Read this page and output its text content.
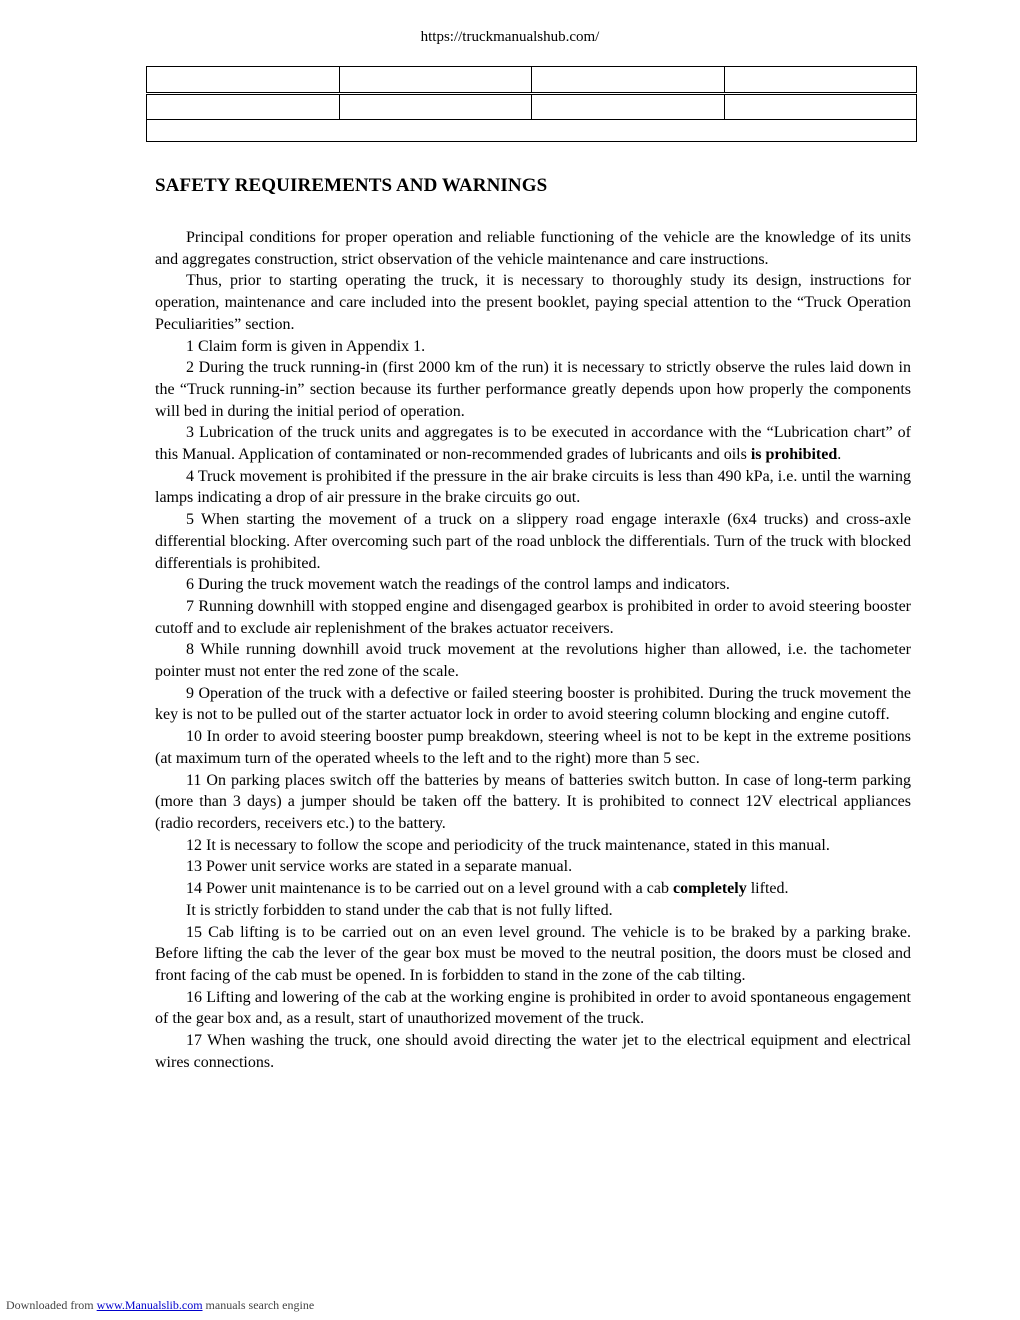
https://truckmanualshub.com/

SAFETY REQUIREMENTS AND WARNINGS

Principal conditions for proper operation and reliable functioning of the vehicle are the knowledge of its units and aggregates construction, strict observation of the vehicle maintenance and care instructions.

Thus, prior to starting operating the truck, it is necessary to thoroughly study its design, instructions for operation, maintenance and care included into the present booklet, paying special attention to the “Truck Operation Peculiarities” section.

1 Claim form is given in Appendix 1.

2 During the truck running-in (first 2000 km of the run) it is necessary to strictly observe the rules laid down in the “Truck running-in” section because its further performance greatly depends upon how properly the components will bed in during the initial period of operation.

3 Lubrication of the truck units and aggregates is to be executed in accordance with the “Lubrication chart” of this Manual. Application of contaminated or non-recommended grades of lubricants and oils is prohibited.

4 Truck movement is prohibited if the pressure in the air brake circuits is less than 490 kPa, i.e. until the warning lamps indicating a drop of air pressure in the brake circuits go out.

5 When starting the movement of a truck on a slippery road engage interaxle (6x4 trucks) and cross-axle differential blocking. After overcoming such part of the road unblock the differentials. Turn of the truck with blocked differentials is prohibited.

6 During the truck movement watch the readings of the control lamps and indicators.

7 Running downhill with stopped engine and disengaged gearbox is prohibited in order to avoid steering booster cutoff and to exclude air replenishment of the brakes actuator receivers.

8 While running downhill avoid truck movement at the revolutions higher than allowed, i.e. the tachometer pointer must not enter the red zone of the scale.

9 Operation of the truck with a defective or failed steering booster is prohibited. During the truck movement the key is not to be pulled out of the starter actuator lock in order to avoid steering column blocking and engine cutoff.

10 In order to avoid steering booster pump breakdown, steering wheel is not to be kept in the extreme positions (at maximum turn of the operated wheels to the left and to the right) more than 5 sec.

11 On parking places switch off the batteries by means of batteries switch button. In case of long-term parking (more than 3 days) a jumper should be taken off the battery. It is prohibited to connect 12V electrical appliances (radio recorders, receivers etc.) to the battery.

12 It is necessary to follow the scope and periodicity of the truck maintenance, stated in this manual.

13 Power unit service works are stated in a separate manual.

14 Power unit maintenance is to be carried out on a level ground with a cab completely lifted.

It is strictly forbidden to stand under the cab that is not fully lifted.

15 Cab lifting is to be carried out on an even level ground. The vehicle is to be braked by a parking brake. Before lifting the cab the lever of the gear box must be moved to the neutral position, the doors must be closed and front facing of the cab must be opened. In is forbidden to stand in the zone of the cab tilting.

16 Lifting and lowering of the cab at the working engine is prohibited in order to avoid spontaneous engagement of the gear box and, as a result, start of unauthorized movement of the truck.

17 When washing the truck, one should avoid directing the water jet to the electrical equipment and electrical wires connections.

Downloaded from www.Manualslib.com manuals search engine
